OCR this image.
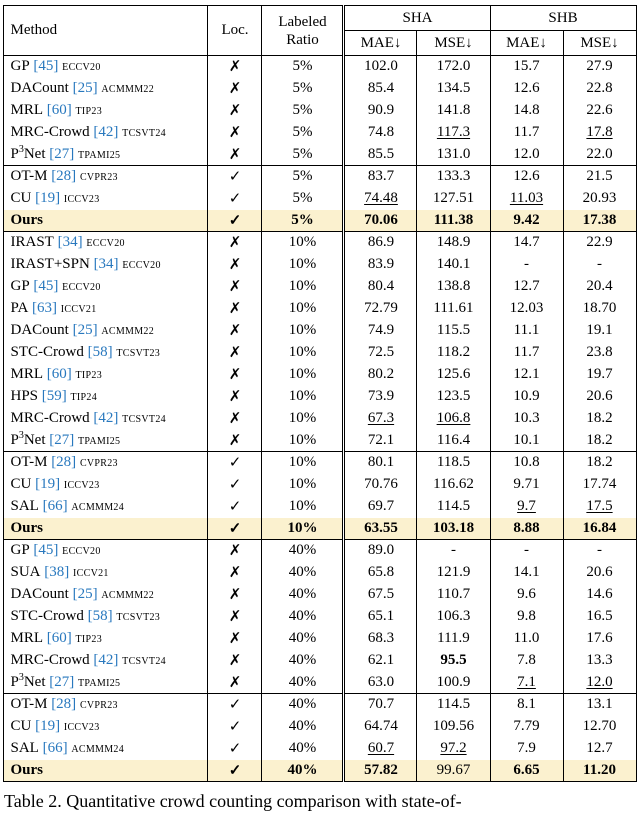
Method	Loc.	Labeled Ratio	SHA		SHB	
			MAE↓	MSE↓	MAE↓	MSE↓
GP [45] ECCV20	✗	5%	102.0	172.0	15.7	27.9
DACount [25] ACMMM22	✗	5%	85.4	134.5	12.6	22.8
MRL [60] TIP23	✗	5%	90.9	141.8	14.8	22.6
MRC-Crowd [42] TCSVT24	✗	5%	74.8	117.3	11.7	17.8
$P^3Net$ [27] TPAMI25	✗	5%	85.5	131.0	12.0	22.0
OT-M [28] CVPR23	✓	5%	83.7	133.3	12.6	21.5
CU [19] ICCV23	✓	5%	74.48	127.51	11.03	20.93
Ours	✓	5%	70.06	111.38	9.42	17.38
IRAST [34] ECCV20	✗	10%	86.9	148.9	14.7	22.9
IRAST+SPN [34] ECCV20	✗	10%	83.9	140.1	-	-
GP [45] ECCV20	✗	10%	80.4	138.8	12.7	20.4
PA [63] ICCV21	✗	10%	72.79	111.61	12.03	18.70
DACount [25] ACMMM22	✗	10%	74.9	115.5	11.1	19.1
STC-Crowd [58] TCSVT23	✗	10%	72.5	118.2	11.7	23.8
MRL [60] TIP23	✗	10%	80.2	125.6	12.1	19.7
HPS [59] TIP24	✗	10%	73.9	123.5	10.9	20.6
MRC-Crowd [42] TCSVT24	✗	10%	67.3	106.8	10.3	18.2
$P^3Net$ [27] TPAMI25	✗	10%	72.1	116.4	10.1	18.2
OT-M [28] CVPR23	✓	10%	80.1	118.5	10.8	18.2
CU [19] ICCV23	✓	10%	70.76	116.62	9.71	17.74
SAL [66] ACMMM24	✓	10%	69.7	114.5	9.7	17.5
Ours	✓	10%	63.55	103.18	8.88	16.84
GP [45] ECCV20	✗	40%	89.0	-	-	-
SUA [38] ICCV21	✗	40%	65.8	121.9	14.1	20.6
DACount [25] ACMMM22	✗	40%	67.5	110.7	9.6	14.6
STC-Crowd [58] TCSVT23	✗	40%	65.1	106.3	9.8	16.5
MRL [60] TIP23	✗	40%	68.3	111.9	11.0	17.6
MRC-Crowd [42] TCSVT24	✗	40%	62.1	95.5	7.8	13.3
$P^3Net$ [27] TPAMI25	✗	40%	63.0	100.9	7.1	12.0
OT-M [28] CVPR23	✓	40%	70.7	114.5	8.1	13.1
CU [19] ICCV23	✓	40%	64.74	109.56	7.79	12.70
SAL [66] ACMMM24	✓	40%	60.7	97.2	7.9	12.7
Ours	✓	40%	57.82	99.67	6.65	11.20
Table 2. Quantitative crowd counting comparison with state-of-
